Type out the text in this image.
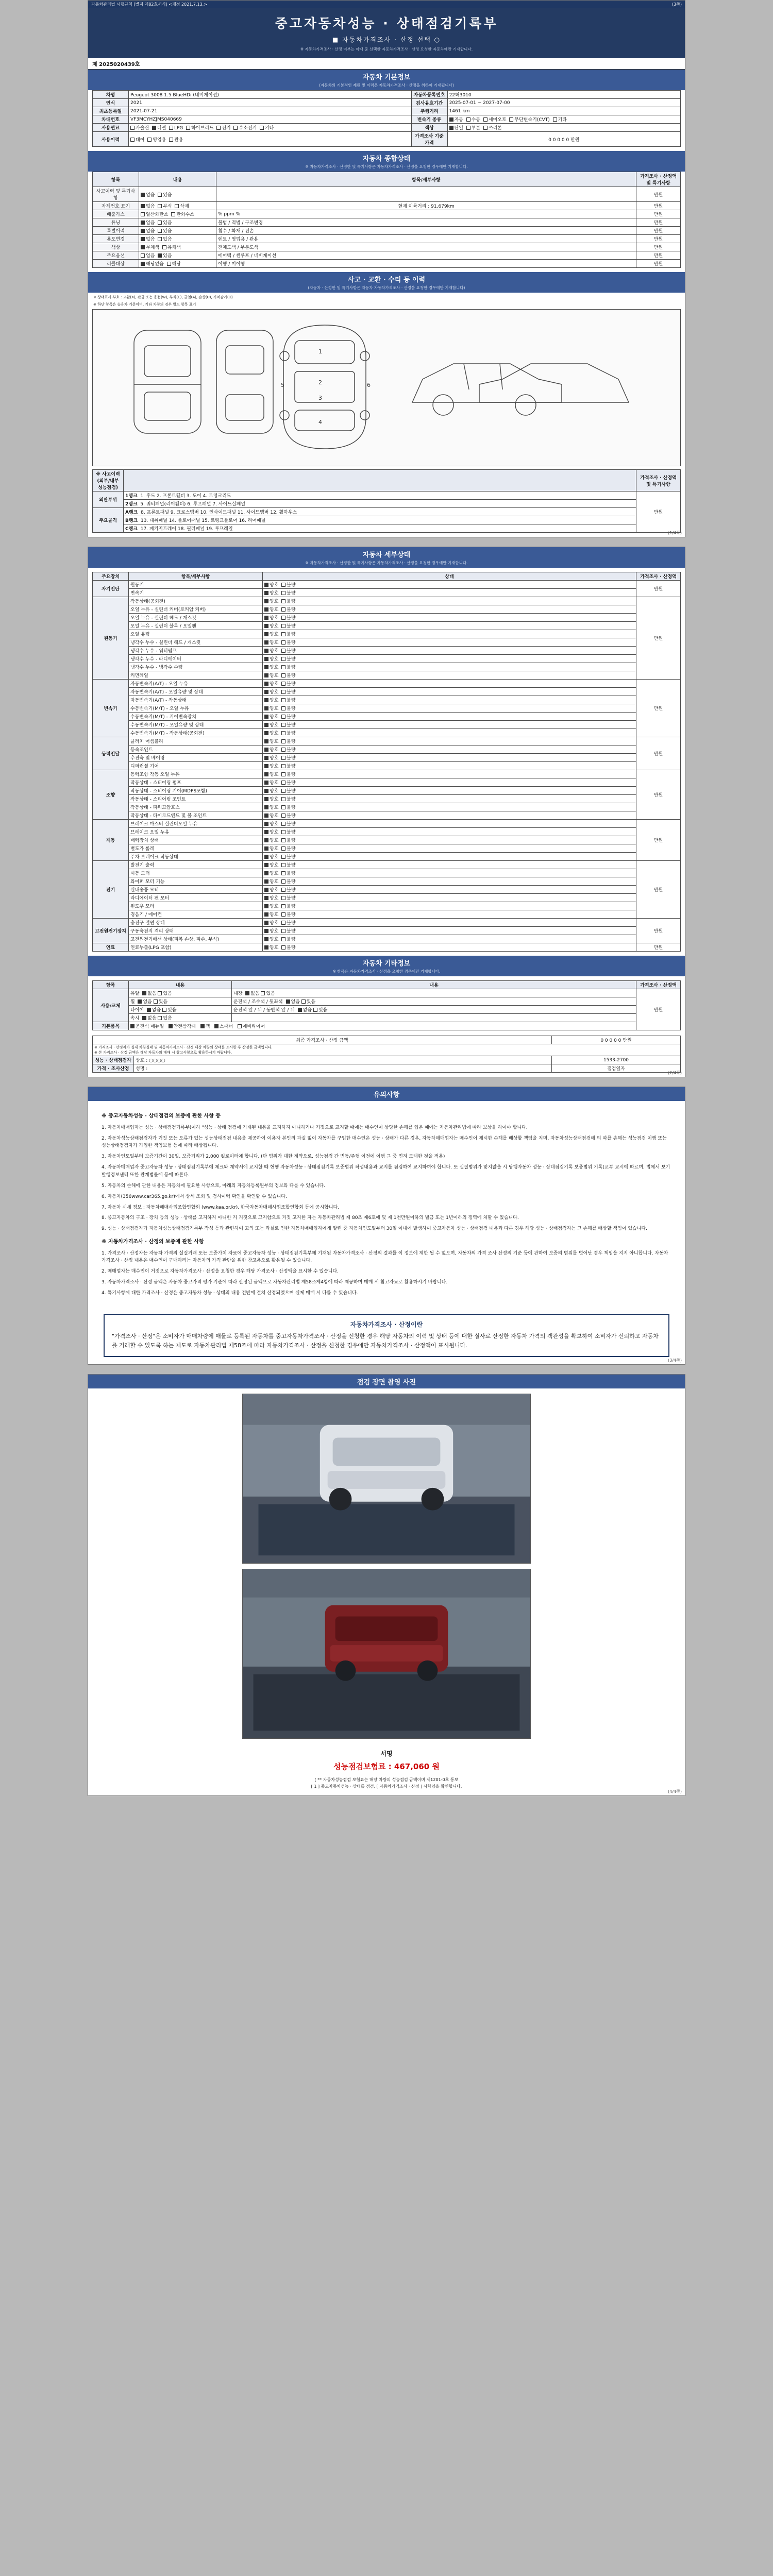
자동차관리법 시행규칙 [별지 제82호서식] <개정 2021.7.13.>	(3쪽)
중고자동차성능 · 상태점검기록부
■ 자동차가격조사 · 산정 선택 ○
※ 자동차가격조사 · 산정 여부는 아래 중 선택한 자동차가격조사 · 산정 요청한 자동차에만 기재합니다.
제 2025020439호
자동차 기본정보
(자동차의 기본적인 제원 및 이력은 자동차가격조사 · 산정을 위하여 기재됩니다)
차명	Peugeot 3008 1.5 BlueHDi (네비게이션)	자동차등록번호	22허3010
연식	2021	검사유효기간	2025-07-01 ~ 2027-07-00
최초등록일	2021-07-21	주행거리	1461 km
차대번호	VF3MCYHZJMS040669	변속기 종류	자동 수동 세미오토 무단변속기(CVT) 기타
사용연료	가솔린 디젤 LPG 하이브리드 전기 수소전기 기타	색상	단일 투톤 쓰리톤
사용이력	대여 영업용 관용	가격조사 기준가격	0 0 0 0 0 만원
자동차 종합상태
※ 자동차가격조사 · 산정한 및 특기사항은 자동차가격조사 · 산정을 요청한 경우에만 기재합니다.
항목	내용	항목/세부사항	가격조사 · 산정액 및 특기사항
사고이력 및 특기사항	없음 있음		만원
자체번호 표기	없음 부식 삭제	현재 이륙거리 : 91,679km	만원
배출가스	일산화탄소 탄화수소	% ppm %	만원
튜닝	없음 있음	불법 / 적법 / 구조변경	만원
특별이력	없음 있음	침수 / 화재 / 전손	만원
용도변경	없음 있음	렌트 / 영업용 / 관용	만원
색상	무채색 유채색	전체도색 / 부분도색	만원
주요옵션	없음 있음	에어백 / 썬루프 / 네비게이션	만원
리콜대상	해당없음 해당	이행 / 미이행	만원
사고 · 교환 · 수리 등 이력
(자동차 · 산정한 및 특기사항은 자동차 자동차가격조사 · 산정을 요청한 경우에만 기재합니다)
※ 상태표시 부호 : 교환(X), 판금 또는 용접(W), 부식(C), 균열(A), 손상(U), 가치감가(D)
※ 하단 항목은 승용차 기준이며, 기타 차량의 경우 별도 항목 표기
1
2
3
4
5	6
※ 사고이력 (외부/내부 성능점검)		가격조사 · 산정액 및 특기사항
외판부위	1랭크 1. 후드 2. 프론트휀더 3. 도어 4. 트렁크리드	만원
	2랭크 5. 쿼터패널(리어휀더) 6. 루프패널 7. 사이드실패널	
주요골격	A랭크 8. 프론트패널 9. 크로스멤버 10. 인사이드패널 11. 사이드멤버 12. 휠하우스	
	B랭크 13. 대쉬패널 14. 플로어패널 15. 트렁크플로어 16. 리어패널	
	C랭크 17. 패키지트레이 18. 필러패널 19. 루프레일	
(1/4쪽)
자동차 세부상태
※ 자동차가격조사 · 산정한 및 특기사항은 자동차가격조사 · 산정을 요청한 경우에만 기재합니다.
주요장치	항목/세부사항	상태	가격조사 · 산정액
자기진단	원동기	양호 불량	만원
	변속기	양호 불량	
원동기	작동상태(공회전)	양호 불량	만원
	오일 누유 - 실린더 커버(로커암 커버)	양호 불량	
	오일 누유 - 실린더 헤드 / 개스킷	양호 불량	
	오일 누유 - 실린더 블록 / 오일팬	양호 불량	
	오일 유량	양호 불량	
	냉각수 누수 - 실린더 헤드 / 개스킷	양호 불량	
	냉각수 누수 - 워터펌프	양호 불량	
	냉각수 누수 - 라디에이터	양호 불량	
	냉각수 누수 - 냉각수 수량	양호 불량	
	커먼레일	양호 불량	
변속기	자동변속기(A/T) - 오일 누유	양호 불량	만원
	자동변속기(A/T) - 오일유량 및 상태	양호 불량	
	자동변속기(A/T) - 작동상태	양호 불량	
	수동변속기(M/T) - 오일 누유	양호 불량	
	수동변속기(M/T) - 기어변속장치	양호 불량	
	수동변속기(M/T) - 오일유량 및 상태	양호 불량	
	수동변속기(M/T) - 작동상태(공회전)	양호 불량	
동력전달	클러치 어셈블리	양호 불량	만원
	등속조인트	양호 불량	
	추진축 및 베어링	양호 불량	
	디퍼런셜 기어	양호 불량	
조향	동력조향 작동 오일 누유	양호 불량	만원
	작동상태 - 스티어링 펌프	양호 불량	
	작동상태 - 스티어링 기어(MDPS포함)	양호 불량	
	작동상태 - 스티어링 조인트	양호 불량	
	작동상태 - 파워고압호스	양호 불량	
	작동상태 - 타이로드엔드 및 볼 조인트	양호 불량	
제동	브레이크 마스터 실린더오일 누유	양호 불량	만원
	브레이크 오일 누유	양호 불량	
	배력장치 상태	양호 불량	
	별도가 롤레	양호 불량	
	주차 브레이크 작동상태	양호 불량	
전기	발전기 출력	양호 불량	만원
	시동 모터	양호 불량	
	와이퍼 모터 기능	양호 불량	
	실내송풍 모터	양호 불량	
	라디에이터 팬 모터	양호 불량	
	윈도우 모터	양호 불량	
	경음기 / 에어컨	양호 불량	
고전원전기장치	충전구 절연 상태	양호 불량	만원
	구동축전지 격리 상태	양호 불량	
	고전원전기배선 상태(피복 손상, 파손, 부식)	양호 불량	
연료	연료누출(LPG 포함)	양호 불량	만원
자동차 기타정보
※ 항목은 자동차가격조사 · 산정을 요청한 경우에만 기재합니다.
항목	내용	내용	가격조사 · 산정액
사용/교체	유알 없음 있음	내장 없음 있음	만원
	휠 없음 있음	운전석 / 조수석 / 뒷좌석 없음 있음	
	타이어 없음 있음	운전석 앞 / 뒤 / 동반석 앞 / 뒤 없음 있음	
	속시 없음 있음		
기본품목	운전석 매뉴얼 안전삼각대 잭 스패너 예비타이어		
최종 가격조사 · 산정 금액		0 0 0 0 0 만원

※ 가격조사 · 산정자가 실제 차량실태 및 자동차가격조사 · 산정 대상 차량의 상태를 조사한 후 산정한 금액입니다.
※ 본 가격조사 · 산정 금액은 해당 자동차의 매매 시 참고사항으로 활용하시기 바랍니다.		

성능 · 상태점검자	상호 : ○○○○	1533-2700
가격 · 조사산정	성명 :	점검일자
(2/4쪽)
유의사항
※ 중고자동차성능 · 상태점검의 보증에 관한 사항 등

1. 자동차매매업자는 성능 · 상태점검기록부(이하 "성능 · 상태 점검에 기재된 내용을 교지하지 아니하거나 거짓으로 교지할 때에는 매수인이 상당한 손해를 입은 때에는 자동차관리법에 따라 보상을 하여야 합니다.

2. 자동차성능상태점검자가 거짓 또는 오류가 있는 성능상태점검 내용을 제공하여 이용자 본인의 과실 없이 자동차를 구입한 매수인은 성능 · 상태가 다른 경우, 자동차매매업자는 매수인이 제시한 손해를 배상할 책임을 지며, 자동차성능상태점검에 의 따를 손해는 성능점검 이행 또는 성능상태점검자가 가입한 책임보험 등에 따라 배상됩니다.

3. 자동차인도일부터 보증기간이 30일, 보증거리가 2,000 킬로미터에 합니다. (단 범위가 대한 계약으로, 성능점검 간 변동/주행 이전에 이행 그 중 먼저 도래한 것을 적용)

4. 자동차매매업자 중고자동차 성능 · 상태점검기록부에 체크와 계약서에 교지할 때 현행 자동차성능 · 상태점검기록 보증범위 작성내용과 교지를 점검하여 교지하여야 합니다. 또 실질범위가 맞지않을 시 당행자동차 성능 · 상태점검기록 보증범위 기록(교부 교시에 따르며, 법에서 보기발행정보센터 또한 관계법률에 등에 따른다.

5. 자동차의 손해에 관한 내용은 자동차에 필요한 사항으로, 아래의 자동차등록원부의 정보와 다를 수 있습니다.

6. 자동차(356www.car365.go.kr)에서 상세 조회 및 검사이력 확인을 확인할 수 있습니다.

7. 자동차 시세 정보 : 자동차매매사업조합연합회 (www.kaa.or.kr), 한국자동차매매사업조합연합회 등에 공시합니다.

8. 중고자동차의 구조 · 장치 등의 성능 · 상태를 고지하지 아니한 거 거짓으로 고지함으로 거짓 고지한 자는 자동차관리법 제 80조 제6호에 및 제 1천만원이하의 벌금 또는 1년이하의 징역에 처할 수 있습니다.

9. 성능 · 상태점검자가 자동차성능상태점검기록부 작성 등과 관련하여 고의 또는 과실로 인한 자동차매매업자에게 알린 중 자동차인도일부터 30일 이내에 발생하여 중고자동차 성능 · 상태점검 내용과 다른 경우 해당 성능 · 상태점검자는 그 손해를 배상할 책임이 있습니다.

※ 자동차가격조사 · 산정의 보증에 관한 사항

1. 가격조사 · 산정자는 자동차 가격의 실질거래 또는 보증가치 자료에 중고자동차 성능 · 상태점검기록부에 기재된 자동차가격조사 · 산정의 결과를 이 정보에 제한 될 수 없으며, 자동차의 가격 조사 산정의 기준 등에 관하여 보증의 범위를 벗어난 경우 책임을 지지 아니합니다. 자동차가격조사 · 산정 내용은 매수인이 구매하려는 자동차의 가격 판단을 위한 참고용으로 활용될 수 있습니다.

2. 매매업자는 매수인이 거짓으로 자동차가격조사 · 산정을 요청한 경우 해당 가격조사 · 산정액을 표시한 수 있습니다.

3. 자동차가격조사 · 산정 금액은 자동차 중고가격 평가 기준에 따라 산정된 금액으로 자동차관리법 제58조제4항에 따라 제공하며 매매 시 참고자료로 활용하시기 바랍니다.

4. 특기사항에 대한 가격조사 · 산정은 중고자동차 성능 · 상태의 내용 전반에 걸쳐 산정되었으며 실제 매매 시 다를 수 있습니다.

자동차가격조사 · 산정이란
"가격조사 · 산정"은 소비자가 매매차량에 매물로 등록된 자동차를 중고자동차가격조사 · 산정을 신청한 경우 해당 자동차의 이력 및 상태 등에 대한 실사로 산정한 자동차 가격의 객관성을 확보하여 소비자가 신뢰하고 자동차를 거래할 수 있도록 하는 제도로 자동차관리법 제58조에 따라 자동차가격조사 · 산정을 신청한 경우에만 자동차가격조사 · 산정액이 표시됩니다.
(3/4쪽)
점검 장면 촬영 사진
서명
성능점검보험료 : 467,060 원
[ ** 자동차성능점검 보험료는 해당 차량의 성능점검 금액이며 제1201-0호 통보
[ 1 ] 중고자동차성능 · 상태를 점검, [ 자동차가격조사 · 산정 ] 사항임을 확인합니다.
(4/4쪽)
